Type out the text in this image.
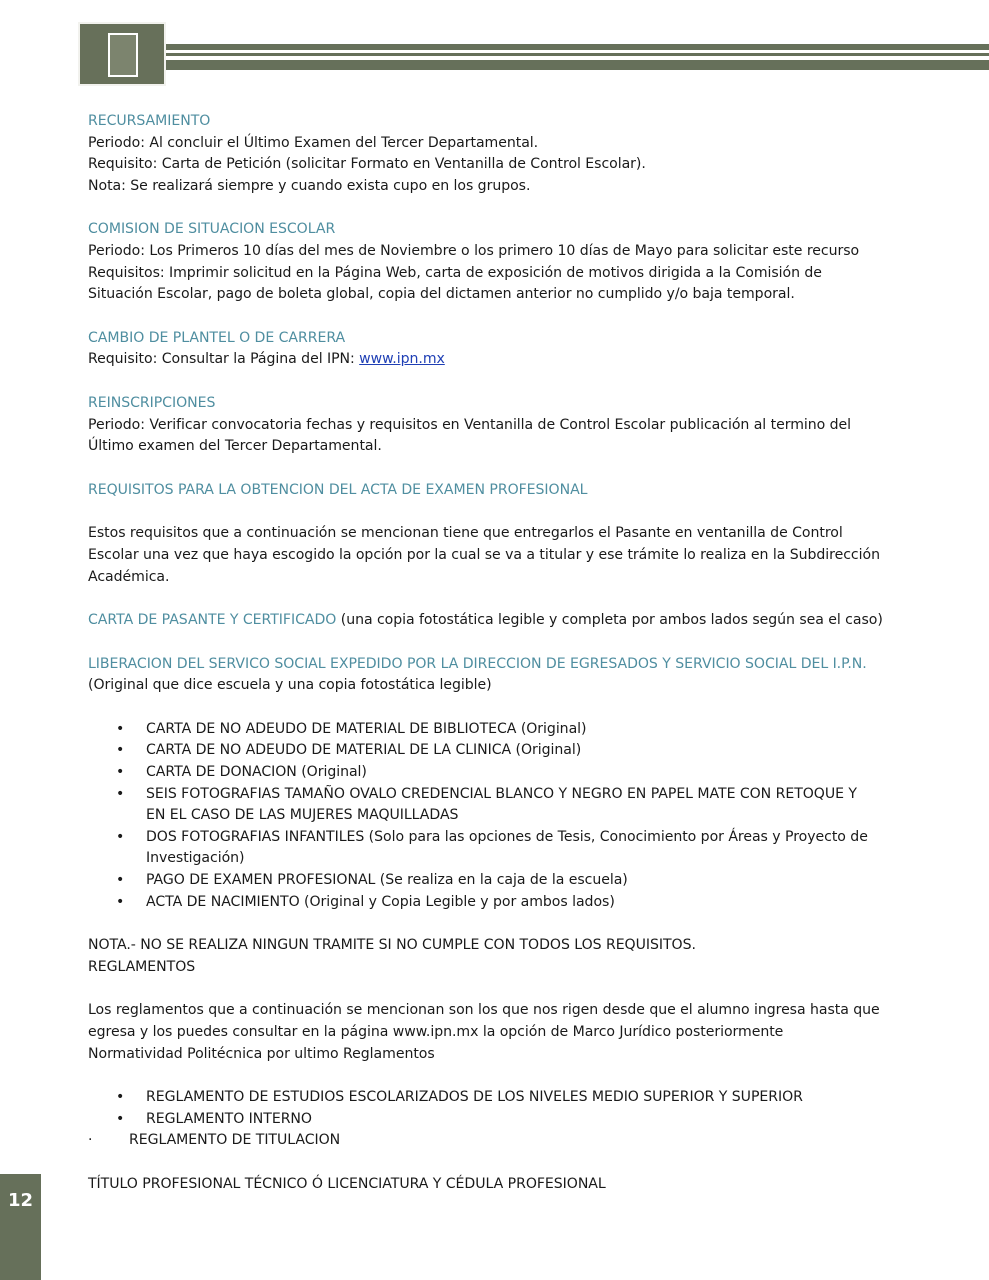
12

RECURSAMIENTO

Periodo: Al concluir el Último Examen del Tercer Departamental.

Requisito: Carta de Petición (solicitar Formato en Ventanilla de Control Escolar).

Nota: Se realizará siempre y cuando exista cupo en los grupos.

COMISION DE SITUACION ESCOLAR

Periodo: Los Primeros 10 días del mes de Noviembre o los primero 10 días de Mayo para solicitar este recurso

Requisitos: Imprimir solicitud en la Página Web, carta de exposición de motivos dirigida a la Comisión de

Situación Escolar, pago de boleta global, copia del dictamen anterior no cumplido y/o baja temporal.

CAMBIO DE PLANTEL O DE CARRERA

Requisito: Consultar la Página del IPN: www.ipn.mx

REINSCRIPCIONES

Periodo: Verificar convocatoria fechas y requisitos en Ventanilla de Control Escolar publicación al termino del

Último examen del Tercer Departamental.

REQUISITOS PARA LA OBTENCION DEL ACTA DE EXAMEN PROFESIONAL

Estos requisitos que a continuación se mencionan tiene que entregarlos el Pasante en ventanilla de Control

Escolar una vez que haya escogido la opción por la cual se va a titular y ese trámite lo realiza en la Subdirección

Académica.

CARTA DE PASANTE Y CERTIFICADO (una copia fotostática legible y completa por ambos lados según sea el caso)

LIBERACION DEL SERVICO SOCIAL EXPEDIDO POR LA DIRECCION DE EGRESADOS Y SERVICIO SOCIAL DEL I.P.N.

(Original que dice escuela y una copia fotostática legible)

• CARTA DE NO ADEUDO DE MATERIAL DE BIBLIOTECA (Original)
• CARTA DE NO ADEUDO DE MATERIAL DE LA CLINICA (Original)
• CARTA DE DONACION (Original)
• SEIS FOTOGRAFIAS TAMAÑO OVALO CREDENCIAL BLANCO Y NEGRO EN PAPEL MATE CON RETOQUE Y
EN EL CASO DE LAS MUJERES MAQUILLADAS
• DOS FOTOGRAFIAS INFANTILES (Solo para las opciones de Tesis, Conocimiento por Áreas y Proyecto de
Investigación)
• PAGO DE EXAMEN PROFESIONAL (Se realiza en la caja de la escuela)
• ACTA DE NACIMIENTO (Original y Copia Legible y por ambos lados)

NOTA.- NO SE REALIZA NINGUN TRAMITE SI NO CUMPLE CON TODOS LOS REQUISITOS.

REGLAMENTOS

Los reglamentos que a continuación se mencionan son los que nos rigen desde que el alumno ingresa hasta que

egresa y los puedes consultar en la página www.ipn.mx la opción de Marco Jurídico posteriormente

Normatividad Politécnica por ultimo Reglamentos

• REGLAMENTO DE ESTUDIOS ESCOLARIZADOS DE LOS NIVELES MEDIO SUPERIOR Y SUPERIOR
• REGLAMENTO INTERNO

· REGLAMENTO DE TITULACION

TÍTULO PROFESIONAL TÉCNICO Ó LICENCIATURA Y CÉDULA PROFESIONAL
